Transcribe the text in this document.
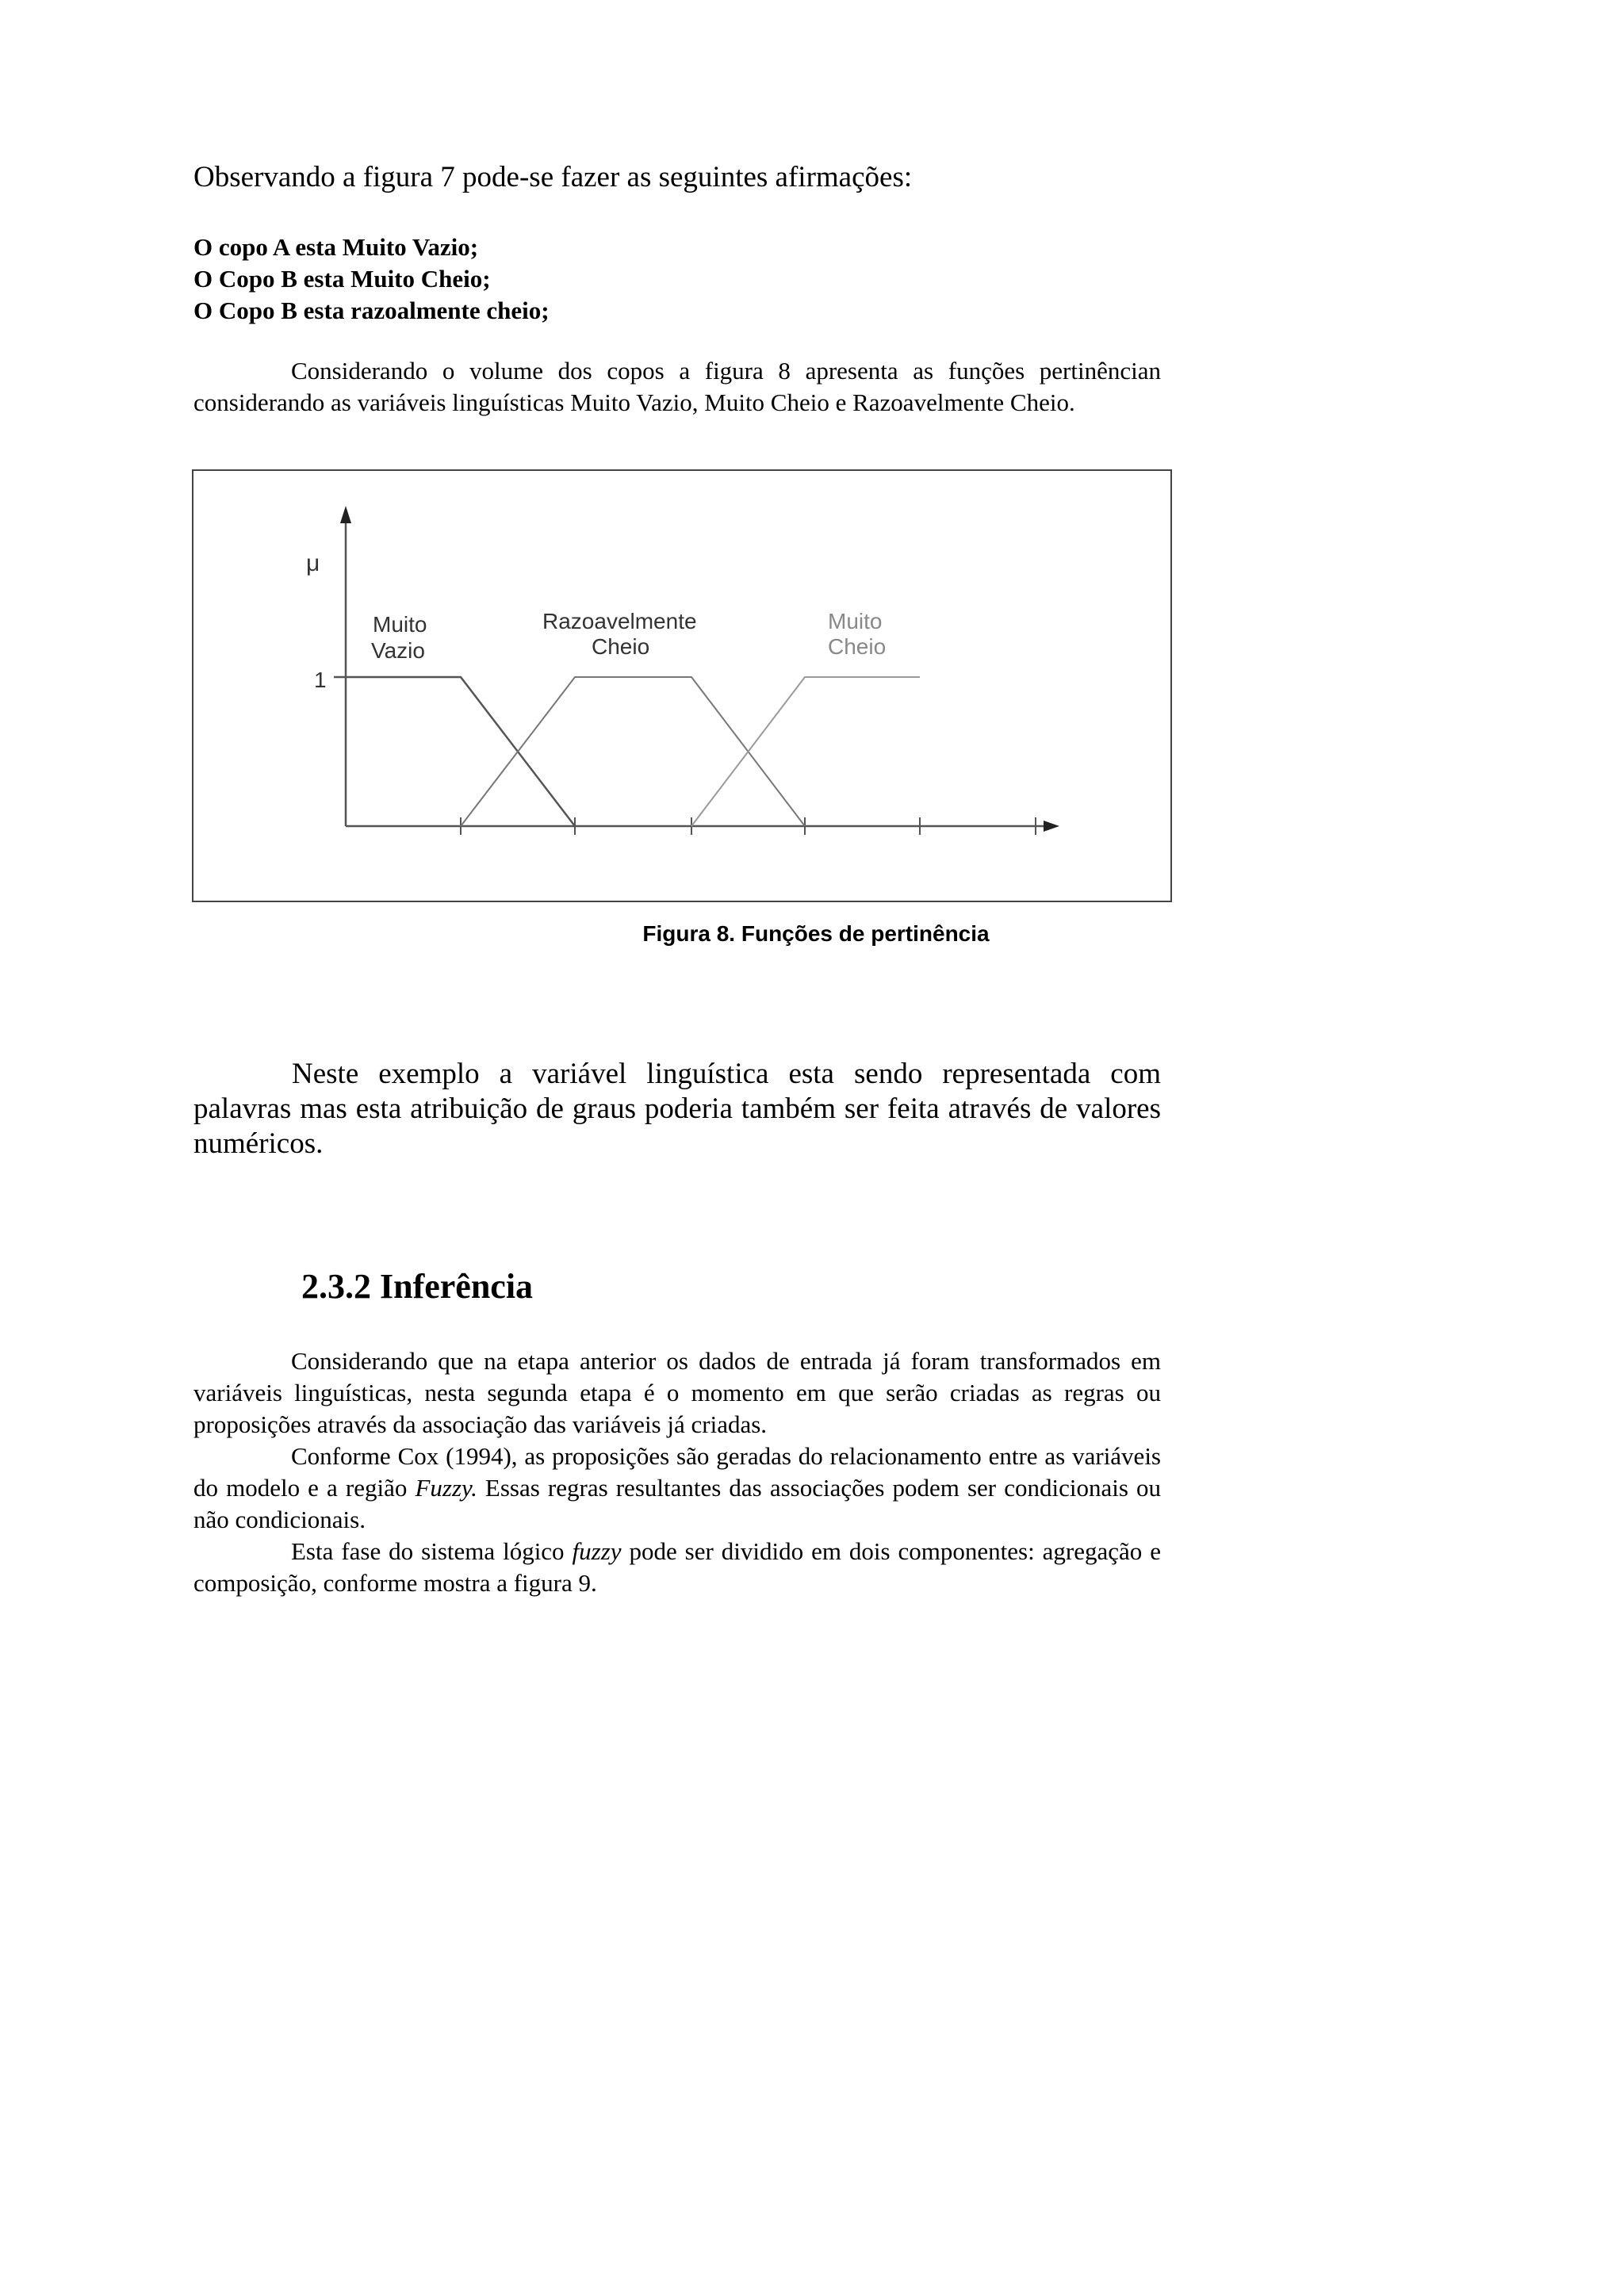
Observando a figura 7 pode-se fazer as seguintes afirmações:
O copo A esta Muito Vazio;
O Copo B esta Muito Cheio;
O Copo B esta razoalmente cheio;

Considerando o volume dos copos a figura 8 apresenta as funções pertinêncian considerando as variáveis linguísticas Muito Vazio, Muito Cheio e Razoavelmente Cheio.

1
μ
Muito
Vazio
Razoavelmente
Cheio
Muito
Cheio
Figura 8. Funções de pertinência

Neste exemplo a variável linguística esta sendo representada com palavras mas esta atribuição de graus poderia também ser feita através de valores numéricos.

2.3.2 Inferência

Considerando que na etapa anterior os dados de entrada já foram transformados em variáveis linguísticas, nesta segunda etapa é o momento em que serão criadas as regras ou proposições através da associação das variáveis já criadas.

Conforme Cox (1994), as proposições são geradas do relacionamento entre as variáveis do modelo e a região Fuzzy. Essas regras resultantes das associações podem ser condicionais ou não condicionais.

Esta fase do sistema lógico fuzzy pode ser dividido em dois componentes: agregação e composição, conforme mostra a figura 9.
